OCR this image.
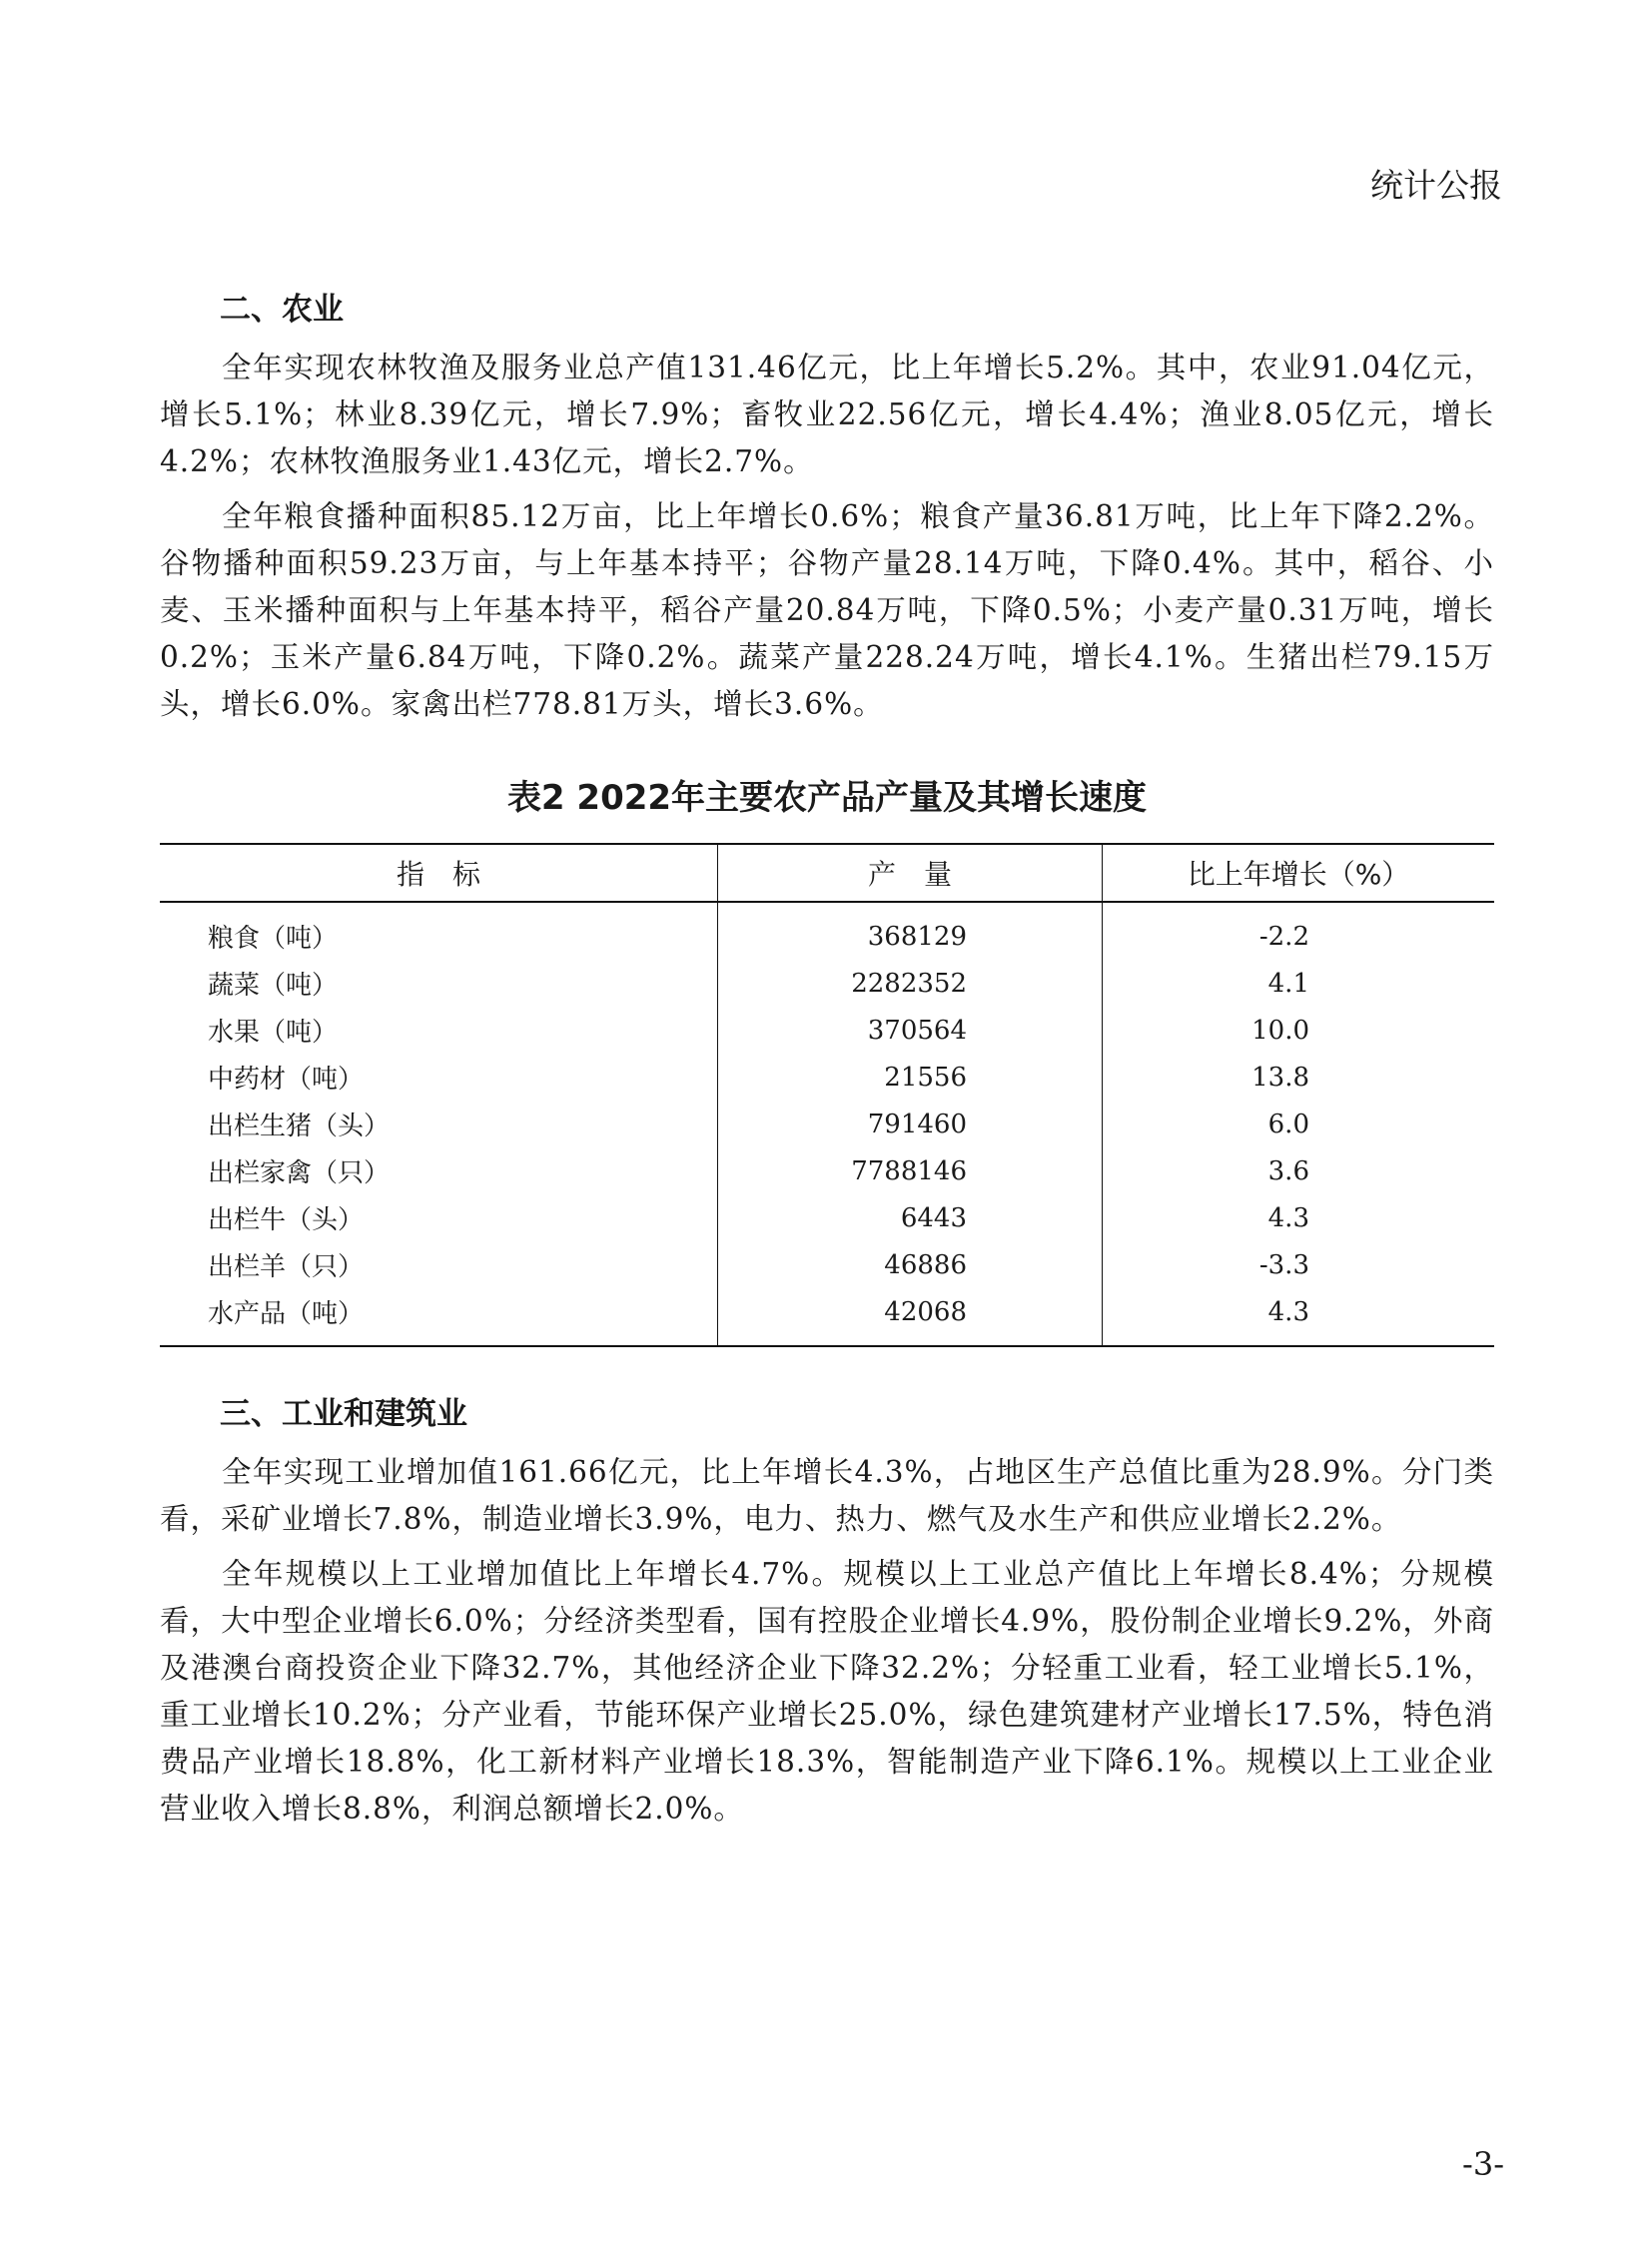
统计公报
二、农业

全年实现农林牧渔及服务业总产值131.46亿元，比上年增长5.2%。其中，农业91.04亿元，增长5.1%；林业8.39亿元，增长7.9%；畜牧业22.56亿元，增长4.4%；渔业8.05亿元，增长4.2%；农林牧渔服务业1.43亿元，增长2.7%。

全年粮食播种面积85.12万亩，比上年增长0.6%；粮食产量36.81万吨，比上年下降2.2%。谷物播种面积59.23万亩，与上年基本持平；谷物产量28.14万吨，下降0.4%。其中，稻谷、小麦、玉米播种面积与上年基本持平，稻谷产量20.84万吨，下降0.5%；小麦产量0.31万吨，增长0.2%；玉米产量6.84万吨，下降0.2%。蔬菜产量228.24万吨，增长4.1%。生猪出栏79.15万头，增长6.0%。家禽出栏778.81万头，增长3.6%。

表2 2022年主要农产品产量及其增长速度
指　标	产　量	比上年增长（%）
粮食（吨）	368129	-2.2
蔬菜（吨）	2282352	4.1
水果（吨）	370564	10.0
中药材（吨）	21556	13.8
出栏生猪（头）	791460	6.0
出栏家禽（只）	7788146	3.6
出栏牛（头）	6443	4.3
出栏羊（只）	46886	-3.3
水产品（吨）	42068	4.3
三、工业和建筑业

全年实现工业增加值161.66亿元，比上年增长4.3%，占地区生产总值比重为28.9%。分门类看，采矿业增长7.8%，制造业增长3.9%，电力、热力、燃气及水生产和供应业增长2.2%。

全年规模以上工业增加值比上年增长4.7%。规模以上工业总产值比上年增长8.4%；分规模看，大中型企业增长6.0%；分经济类型看，国有控股企业增长4.9%，股份制企业增长9.2%，外商及港澳台商投资企业下降32.7%，其他经济企业下降32.2%；分轻重工业看，轻工业增长5.1%，重工业增长10.2%；分产业看，节能环保产业增长25.0%，绿色建筑建材产业增长17.5%，特色消费品产业增长18.8%，化工新材料产业增长18.3%，智能制造产业下降6.1%。规模以上工业企业营业收入增长8.8%，利润总额增长2.0%。

-3-
